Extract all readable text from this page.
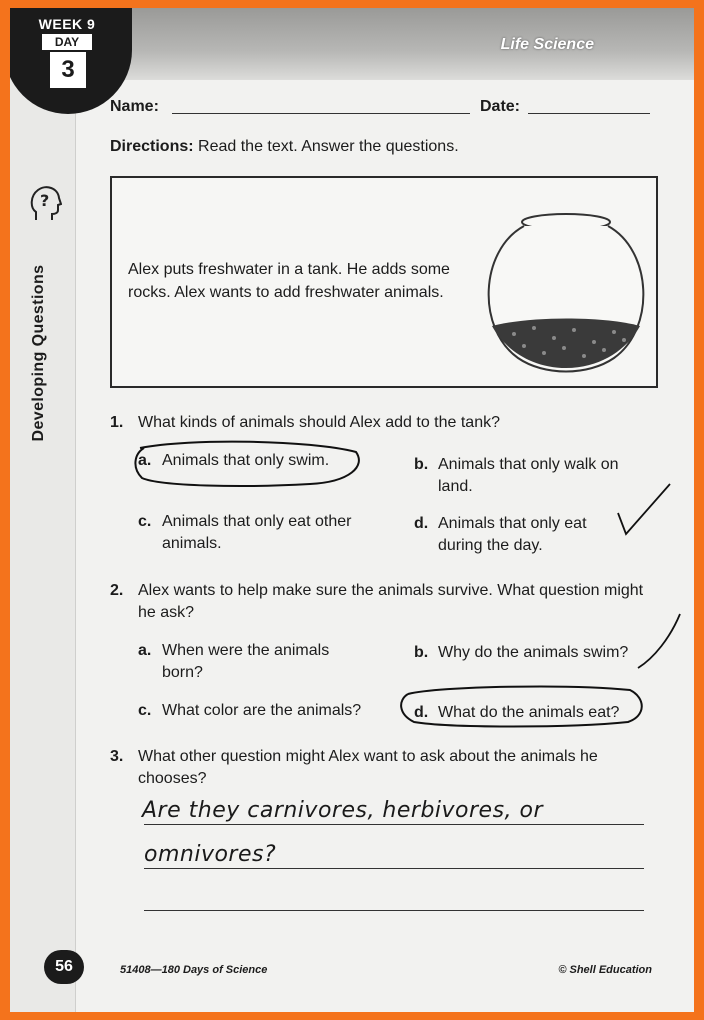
Life Science
WEEK 9
DAY
3
?
Developing Questions
Name:	Date:
Directions: Read the text. Answer the questions.
Alex puts freshwater in a tank. He adds some rocks. Alex wants to add freshwater animals.
1. What kinds of animals should Alex add to the tank?
a. Animals that only swim.	b. Animals that only walk on land.
c. Animals that only eat other animals.
d. Animals that only eat during the day.
2. Alex wants to help make sure the animals survive. What question might he ask?
a. When were the animals born?
b. Why do the animals swim?
c. What color are the animals?	d. What do the animals eat?
3. What other question might Alex want to ask about the animals he chooses?
Are they carnivores, herbivores, or
omnivores?
56	51408—180 Days of Science	© Shell Education
